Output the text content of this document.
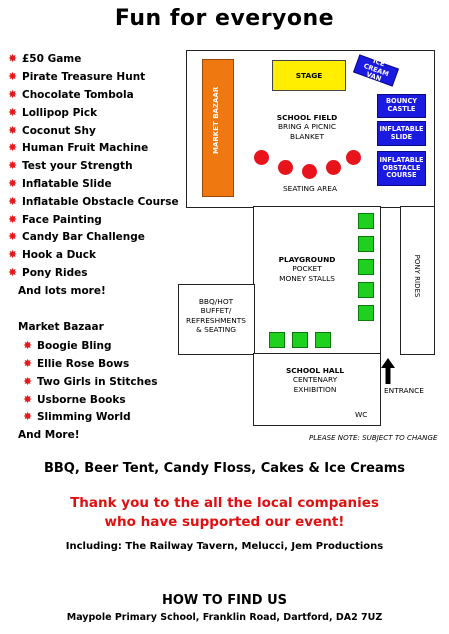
Fun for everyone
✸ £50 Game
✸ Pirate Treasure Hunt
✸ Chocolate Tombola
✸ Lollipop Pick
✸ Coconut Shy
✸ Human Fruit Machine
✸ Test your Strength
✸ Inflatable Slide
✸ Inflatable Obstacle Course
✸ Face Painting
✸ Candy Bar Challenge
✸ Hook a Duck
✸ Pony Rides
And lots more!
Market Bazaar
✸ Boogie Bling
✸ Ellie Rose Bows
✸ Two Girls in Stitches
✸ Usborne Books
✸ Slimming World
And More!
MARKET BAZAAR
STAGE
ICE CREAM VAN
BOUNCY CASTLE
INFLATABLE SLIDE
INFLATABLE OBSTACLE COURSE
SCHOOL FIELD
BRING A PICNIC
BLANKET
SEATING AREA
PLAYGROUND
POCKET
MONEY STALLS
BBQ/HOT
BUFFET/
REFRESHMENTS
& SEATING
PONY RIDES
SCHOOL HALL
CENTENARY
EXHIBITION
WC
ENTRANCE
PLEASE NOTE: SUBJECT TO CHANGE
BBQ, Beer Tent, Candy Floss, Cakes & Ice Creams
Thank you to the all the local companies
who have supported our event!
Including: The Railway Tavern, Melucci, Jem Productions
HOW TO FIND US
Maypole Primary School, Franklin Road, Dartford, DA2 7UZ
